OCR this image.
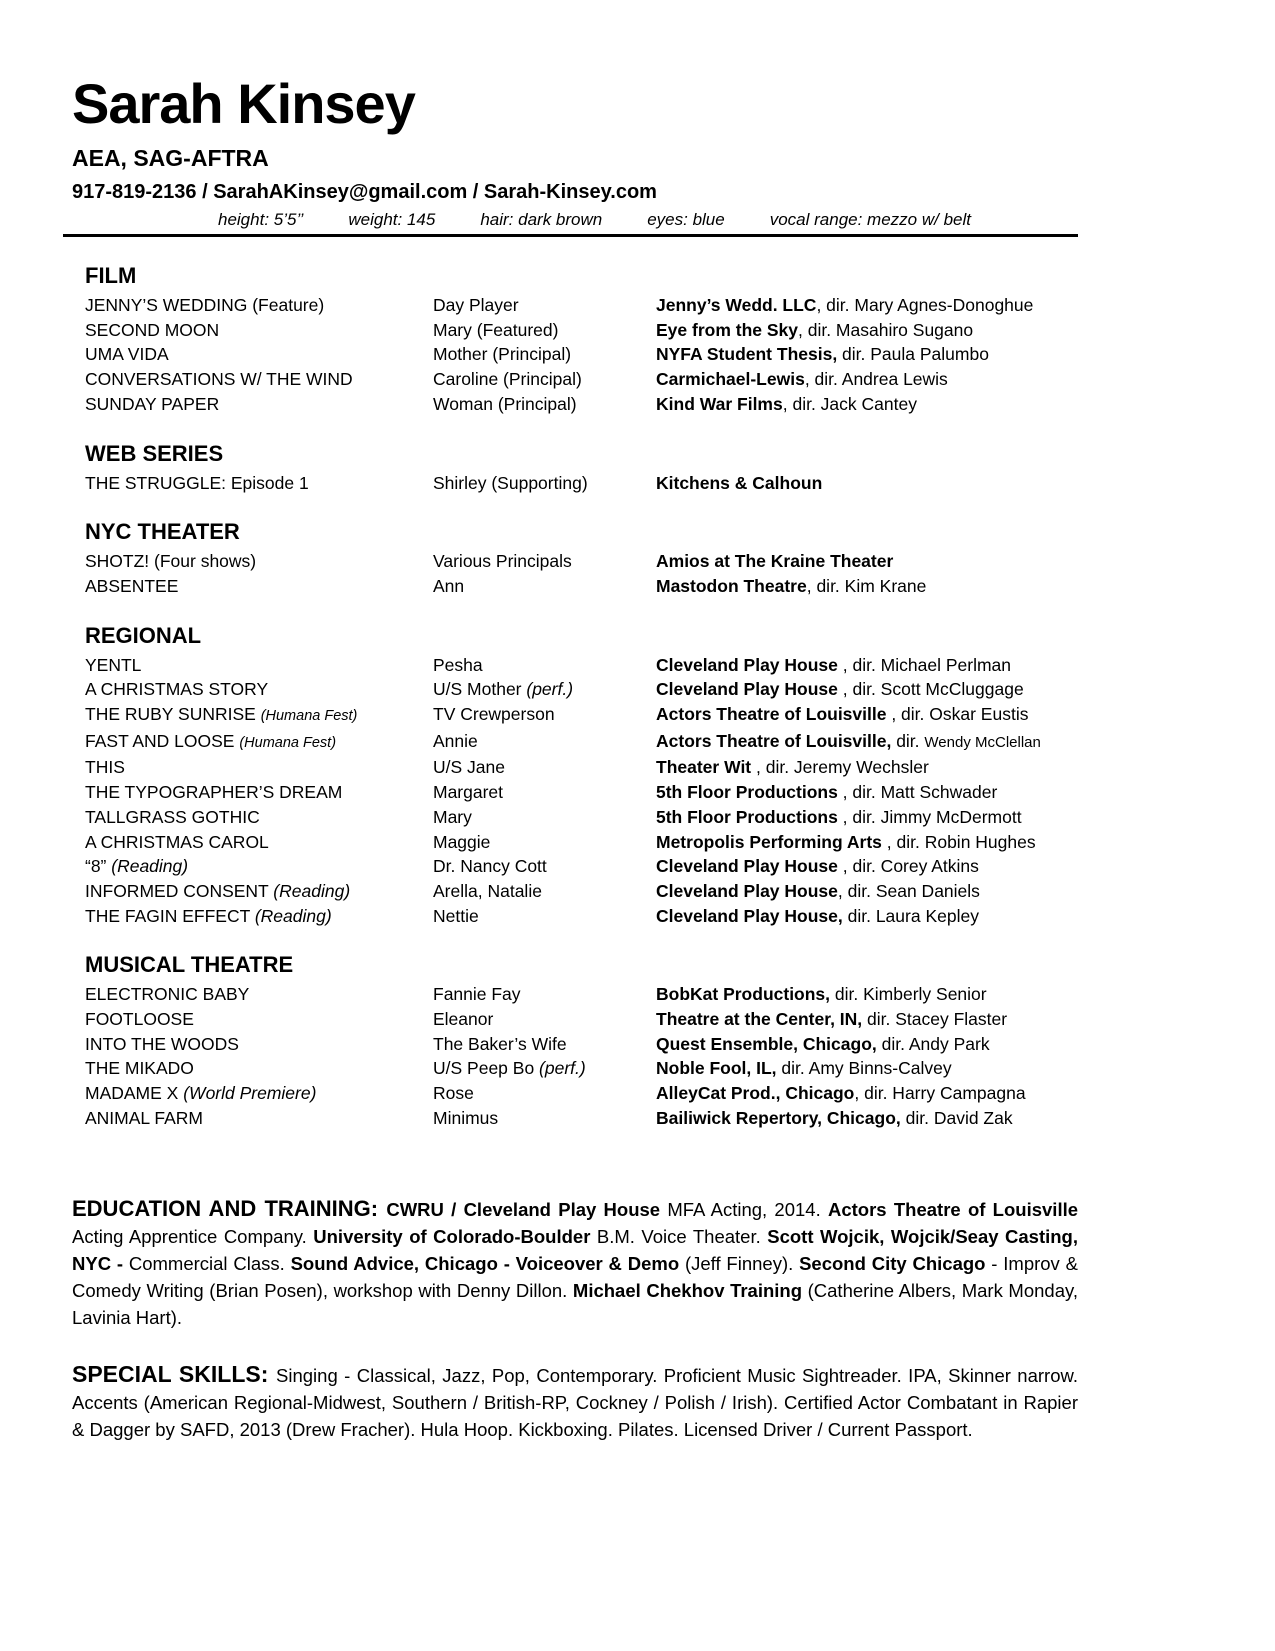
Sarah Kinsey
AEA, SAG-AFTRA
917-819-2136 / SarahAKinsey@gmail.com / Sarah-Kinsey.com
height: 5’5’’	weight: 145	hair: dark brown	eyes: blue	vocal range: mezzo w/ belt
FILM
JENNY’S WEDDING (Feature)	Day Player	Jenny’s Wedd. LLC, dir. Mary Agnes-Donoghue
SECOND MOON	Mary (Featured)	Eye from the Sky, dir. Masahiro Sugano
UMA VIDA	Mother (Principal)	NYFA Student Thesis, dir. Paula Palumbo
CONVERSATIONS W/ THE WIND	Caroline (Principal)	Carmichael-Lewis, dir. Andrea Lewis
SUNDAY PAPER	Woman (Principal)	Kind War Films, dir. Jack Cantey
WEB SERIES
THE STRUGGLE: Episode 1	Shirley (Supporting)	Kitchens & Calhoun
NYC THEATER
SHOTZ! (Four shows)	Various Principals	Amios at The Kraine Theater
ABSENTEE	Ann	Mastodon Theatre, dir. Kim Krane
REGIONAL
YENTL	Pesha	Cleveland Play House , dir. Michael Perlman
A CHRISTMAS STORY	U/S Mother (perf.)	Cleveland Play House , dir. Scott McCluggage
THE RUBY SUNRISE (Humana Fest)	TV Crewperson	Actors Theatre of Louisville , dir. Oskar Eustis
FAST AND LOOSE (Humana Fest)	Annie	Actors Theatre of Louisville, dir. Wendy McClellan
THIS	U/S Jane	Theater Wit , dir. Jeremy Wechsler
THE TYPOGRAPHER’S DREAM	Margaret	5th Floor Productions , dir. Matt Schwader
TALLGRASS GOTHIC	Mary	5th Floor Productions , dir. Jimmy McDermott
A CHRISTMAS CAROL	Maggie	Metropolis Performing Arts , dir. Robin Hughes
“8” (Reading)	Dr. Nancy Cott	Cleveland Play House , dir. Corey Atkins
INFORMED CONSENT (Reading)	Arella, Natalie	Cleveland Play House, dir. Sean Daniels
THE FAGIN EFFECT (Reading)	Nettie	Cleveland Play House, dir. Laura Kepley
MUSICAL THEATRE
ELECTRONIC BABY	Fannie Fay	BobKat Productions, dir. Kimberly Senior
FOOTLOOSE	Eleanor	Theatre at the Center, IN, dir. Stacey Flaster
INTO THE WOODS	The Baker’s Wife	Quest Ensemble, Chicago, dir. Andy Park
THE MIKADO	U/S Peep Bo (perf.)	Noble Fool, IL, dir. Amy Binns-Calvey
MADAME X (World Premiere)	Rose	AlleyCat Prod., Chicago, dir. Harry Campagna
ANIMAL FARM	Minimus	Bailiwick Repertory, Chicago, dir. David Zak

EDUCATION AND TRAINING: CWRU / Cleveland Play House MFA Acting, 2014. Actors Theatre of Louisville Acting Apprentice Company. University of Colorado-Boulder B.M. Voice Theater. Scott Wojcik, Wojcik/Seay Casting, NYC - Commercial Class. Sound Advice, Chicago - Voiceover & Demo (Jeff Finney). Second City Chicago - Improv & Comedy Writing (Brian Posen), workshop with Denny Dillon. Michael Chekhov Training (Catherine Albers, Mark Monday, Lavinia Hart).

SPECIAL SKILLS: Singing - Classical, Jazz, Pop, Contemporary. Proficient Music Sightreader. IPA, Skinner narrow. Accents (American Regional-Midwest, Southern / British-RP, Cockney / Polish / Irish). Certified Actor Combatant in Rapier & Dagger by SAFD, 2013 (Drew Fracher). Hula Hoop. Kickboxing. Pilates. Licensed Driver / Current Passport.
